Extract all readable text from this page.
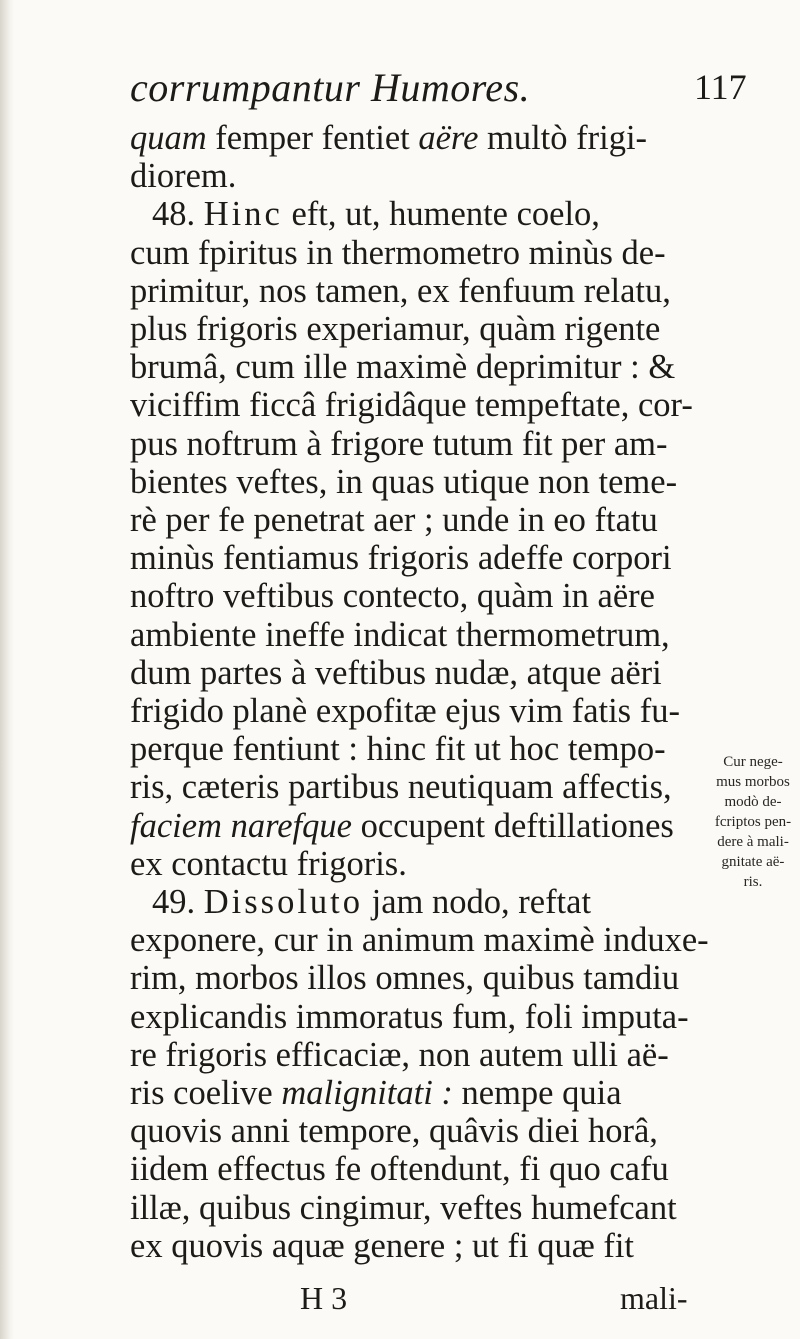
corrumpantur Humores.	117
quam femper fentiet aëre multò frigi-
diorem.
48. Hinc eft, ut, humente coelo,
cum fpiritus in thermometro minùs de-
primitur, nos tamen, ex fenfuum relatu,
plus frigoris experiamur, quàm rigente
brumâ, cum ille maximè deprimitur : &
viciffim ficcâ frigidâque tempeftate, cor-
pus noftrum à frigore tutum fit per am-
bientes veftes, in quas utique non teme-
rè per fe penetrat aer ; unde in eo ftatu
minùs fentiamus frigoris adeffe corpori
noftro veftibus contecto, quàm in aëre
ambiente ineffe indicat thermometrum,
dum partes à veftibus nudæ, atque aëri
frigido planè expofitæ ejus vim fatis fu-
perque fentiunt : hinc fit ut hoc tempo-
ris, cæteris partibus neutiquam affectis,
faciem narefque occupent deftillationes
ex contactu frigoris.
49. Dissoluto jam nodo, reftat
exponere, cur in animum maximè induxe-
rim, morbos illos omnes, quibus tamdiu
explicandis immoratus fum, foli imputa-
re frigoris efficaciæ, non autem ulli aë-
ris coelive malignitati : nempe quia
quovis anni tempore, quâvis diei horâ,
iidem effectus fe oftendunt, fi quo cafu
illæ, quibus cingimur, veftes humefcant
ex quovis aquæ genere ; ut fi quæ fit
Cur nege-
mus morbos
modò de-
fcriptos pen-
dere à mali-
gnitate aë-
ris.
H 3	mali-
